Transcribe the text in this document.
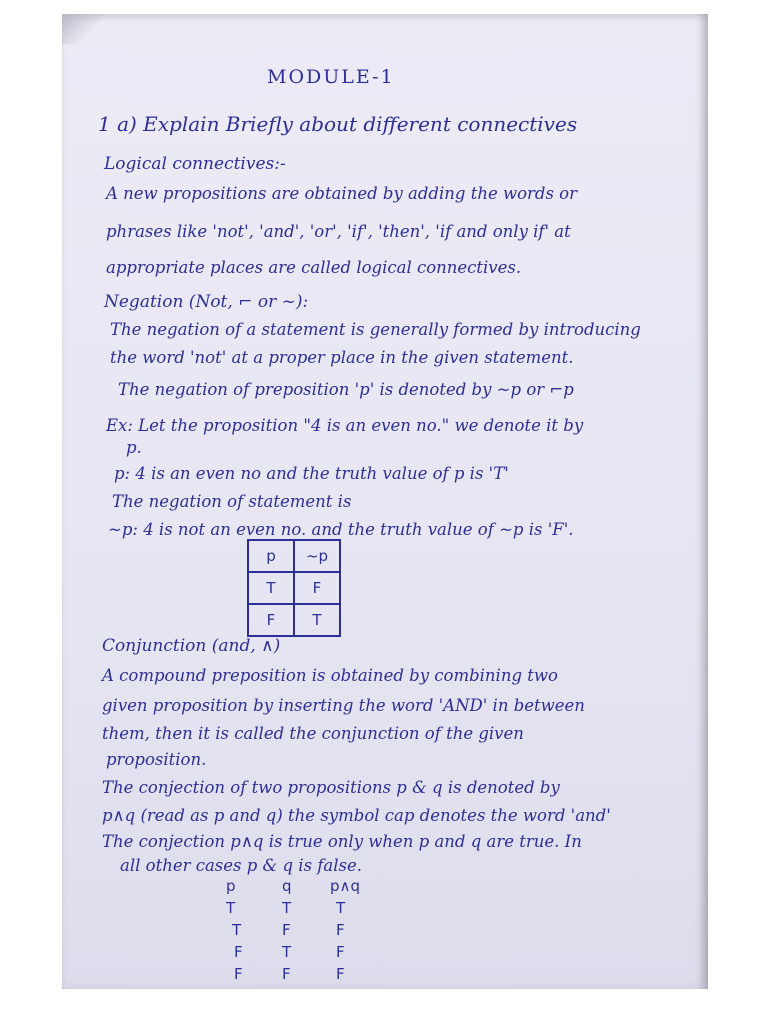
MODULE-1
1 a) Explain Briefly about different connectives
Logical connectives:-
A new propositions are obtained by adding the words or
phrases like 'not', 'and', 'or', 'if', 'then', 'if and only if' at
appropriate places are called logical connectives.
Negation (Not, ⌐ or ~):
The negation of a statement is generally formed by introducing
the word 'not' at a proper place in the given statement.
The negation of preposition 'p' is denoted by ~p or ⌐p
Ex: Let the proposition "4 is an even no." we denote it by
p.
p: 4 is an even no and the truth value of p is 'T'
The negation of statement is
~p: 4 is not an even no. and the truth value of ~p is 'F'.
p	~p
T	F
F	T
Conjunction (and, ∧)
A compound preposition is obtained by combining two
given proposition by inserting the word 'AND' in between
them, then it is called the conjunction of the given
proposition.
The conjection of two propositions p & q is denoted by
p∧q (read as p and q) the symbol cap denotes the word 'and'
The conjection p∧q is true only when p and q are true. In
all other cases p & q is false.
p	q	p∧q
T	T	T
T	F	F
F	T	F
F	F	F
